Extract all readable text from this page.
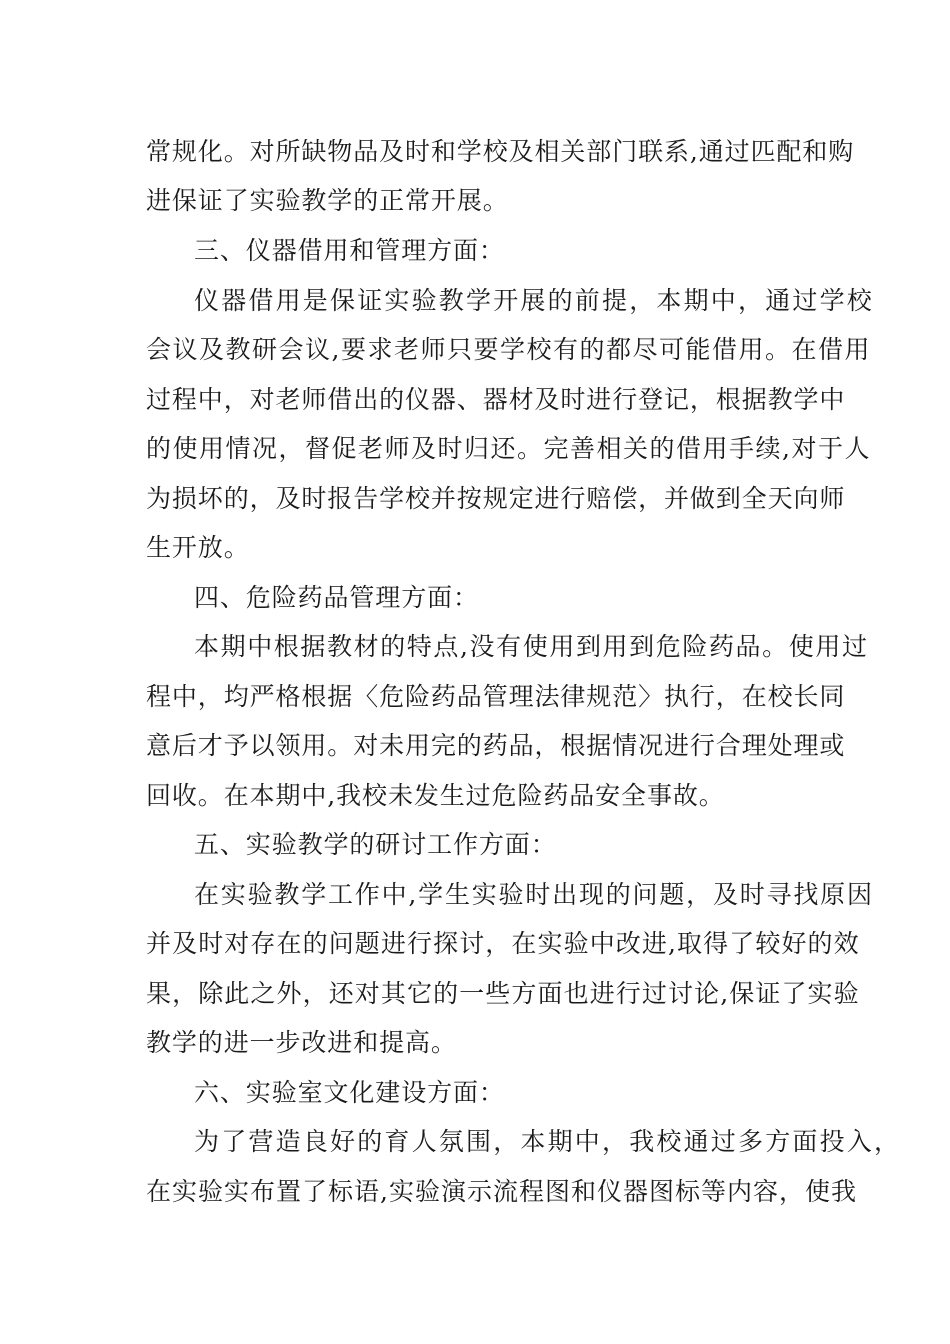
常规化。对所缺物品及时和学校及相关部门联系,通过匹配和购
进保证了实验教学的正常开展。
三、仪器借用和管理方面：
仪器借用是保证实验教学开展的前提，本期中，通过学校
会议及教研会议,要求老师只要学校有的都尽可能借用。在借用
过程中，对老师借出的仪器、器材及时进行登记，根据教学中
的使用情况，督促老师及时归还。完善相关的借用手续,对于人
为损坏的，及时报告学校并按规定进行赔偿，并做到全天向师
生开放。
四、危险药品管理方面：
本期中根据教材的特点,没有使用到用到危险药品。使用过
程中，均严格根据〈危险药品管理法律规范〉执行，在校长同
意后才予以领用。对未用完的药品，根据情况进行合理处理或
回收。在本期中,我校未发生过危险药品安全事故。
五、实验教学的研讨工作方面：
在实验教学工作中,学生实验时出现的问题，及时寻找原因
并及时对存在的问题进行探讨，在实验中改进,取得了较好的效
果，除此之外，还对其它的一些方面也进行过讨论,保证了实验
教学的进一步改进和提高。
六、实验室文化建设方面：
为了营造良好的育人氛围，本期中，我校通过多方面投入，
在实验实布置了标语,实验演示流程图和仪器图标等内容，使我
